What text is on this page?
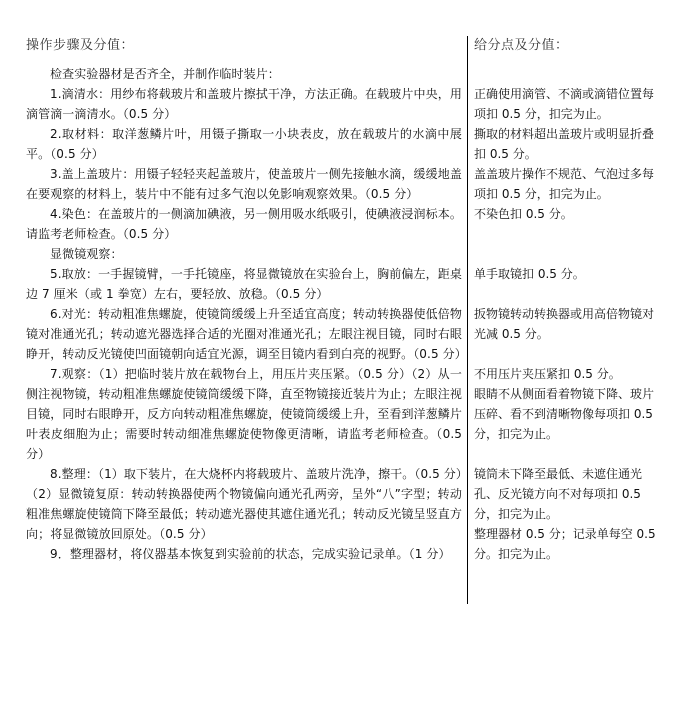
操作步骤及分值：

检查实验器材是否齐全，并制作临时装片：

1.滴清水：用纱布将载玻片和盖玻片擦拭干净，方法正确。在载玻片中央，用滴管滴一滴清水。（0.5 分）

2.取材料：取洋葱鳞片叶，用镊子撕取一小块表皮，放在载玻片的水滴中展平。（0.5 分）

3.盖上盖玻片：用镊子轻轻夹起盖玻片，使盖玻片一侧先接触水滴，缓缓地盖在要观察的材料上，装片中不能有过多气泡以免影响观察效果。（0.5 分）

4.染色：在盖玻片的一侧滴加碘液，另一侧用吸水纸吸引，使碘液浸润标本。请监考老师检查。（0.5 分）

显微镜观察：

5.取放：一手握镜臂，一手托镜座，将显微镜放在实验台上，胸前偏左，距桌边 7 厘米（或 1 拳宽）左右，要轻放、放稳。（0.5 分）

6.对光：转动粗准焦螺旋，使镜筒缓缓上升至适宜高度；转动转换器使低倍物镜对准通光孔；转动遮光器选择合适的光圈对准通光孔；左眼注视目镜，同时右眼睁开，转动反光镜使凹面镜朝向适宜光源，调至目镜内看到白亮的视野。（0.5 分）

7.观察：（1）把临时装片放在载物台上，用压片夹压紧。（0.5 分）（2）从一侧注视物镜，转动粗准焦螺旋使镜筒缓缓下降，直至物镜接近装片为止；左眼注视目镜，同时右眼睁开，反方向转动粗准焦螺旋，使镜筒缓缓上升，至看到洋葱鳞片叶表皮细胞为止；需要时转动细准焦螺旋使物像更清晰，请监考老师检查。（0.5 分）

8.整理：（1）取下装片，在大烧杯内将载玻片、盖玻片洗净，擦干。（0.5 分）（2）显微镜复原：转动转换器使两个物镜偏向通光孔两旁，呈外“八”字型；转动粗准焦螺旋使镜筒下降至最低；转动遮光器使其遮住通光孔；转动反光镜呈竖直方向；将显微镜放回原处。（0.5 分）

9．整理器材，将仪器基本恢复到实验前的状态，完成实验记录单。（1 分）

给分点及分值：

正确使用滴管、不滴或滴错位置每项扣 0.5 分，扣完为止。

撕取的材料超出盖玻片或明显折叠扣 0.5 分。

盖盖玻片操作不规范、气泡过多每项扣 0.5 分，扣完为止。

不染色扣 0.5 分。

单手取镜扣 0.5 分。

扳物镜转动转换器或用高倍物镜对光减 0.5 分。

不用压片夹压紧扣 0.5 分。

眼睛不从侧面看着物镜下降、玻片压碎、看不到清晰物像每项扣 0.5 分，扣完为止。

镜筒未下降至最低、未遮住通光孔、反光镜方向不对每项扣 0.5 分，扣完为止。

整理器材 0.5 分；记录单每空 0.5 分。扣完为止。
